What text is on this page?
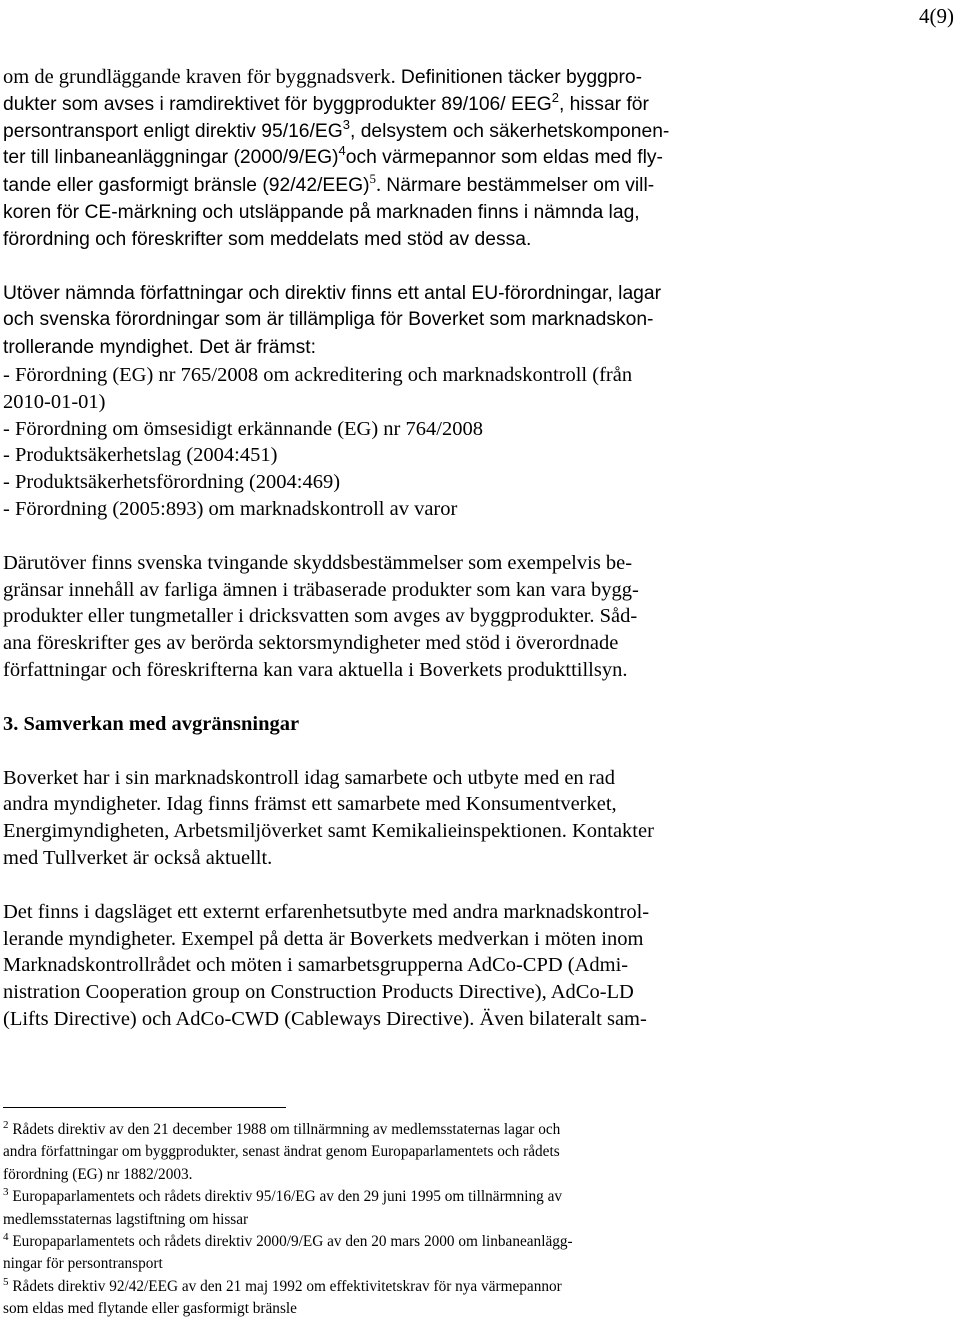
4(9)
om de grundläggande kraven för byggnadsverk. Definitionen täcker byggpro-
dukter som avses i ramdirektivet för byggprodukter 89/106/ EEG$^2$, hissar för
persontransport enligt direktiv $95/16/EG^3$, delsystem och säkerhetskomponen-
ter till linbaneanläggningar $(2000/9/EG)^4och$ värmepannor som eldas med fly-
tande eller gasformigt bränsle $(92/42/EEG)^5$. Närmare bestämmelser om vill-
koren för CE-märkning och utsläppande på marknaden finns i nämnda lag,
förordning och föreskrifter som meddelats med stöd av dessa.
Utöver nämnda författningar och direktiv finns ett antal EU-förordningar, lagar
och svenska förordningar som är tillämpliga för Boverket som marknadskon-
trollerande myndighet. Det är främst:
- Förordning (EG) nr 765/2008 om ackreditering och marknadskontroll (från
2010-01-01)
- Förordning om ömsesidigt erkännande (EG) nr 764/2008
- Produktsäkerhetslag (2004:451)
- Produktsäkerhetsförordning (2004:469)
- Förordning (2005:893) om marknadskontroll av varor
Därutöver finns svenska tvingande skyddsbestämmelser som exempelvis be-
gränsar innehåll av farliga ämnen i träbaserade produkter som kan vara bygg-
produkter eller tungmetaller i dricksvatten som avges av byggprodukter. Såd-
ana föreskrifter ges av berörda sektorsmyndigheter med stöd i överordnade
författningar och föreskrifterna kan vara aktuella i Boverkets produkttillsyn.
3. Samverkan med avgränsningar
Boverket har i sin marknadskontroll idag samarbete och utbyte med en rad
andra myndigheter. Idag finns främst ett samarbete med Konsumentverket,
Energimyndigheten, Arbetsmiljöverket samt Kemikalieinspektionen. Kontakter
med Tullverket är också aktuellt.
Det finns i dagsläget ett externt erfarenhetsutbyte med andra marknadskontrol-
lerande myndigheter. Exempel på detta är Boverkets medverkan i möten inom
Marknadskontrollrådet och möten i samarbetsgrupperna AdCo-CPD (Admi-
nistration Cooperation group on Construction Products Directive), AdCo-LD
(Lifts Directive) och AdCo-CWD (Cableways Directive). Även bilateralt sam-
$^2$ Rådets direktiv av den 21 december 1988 om tillnärmning av medlemsstaternas lagar och
andra författningar om byggprodukter, senast ändrat genom Europaparlamentets och rådets
förordning (EG) nr 1882/2003.
$^3$ Europaparlamentets och rådets direktiv 95/16/EG av den 29 juni 1995 om tillnärmning av
medlemsstaternas lagstiftning om hissar
$^4$ Europaparlamentets och rådets direktiv 2000/9/EG av den 20 mars 2000 om linbaneanlägg-
ningar för persontransport
$^5$ Rådets direktiv 92/42/EEG av den 21 maj 1992 om effektivitetskrav för nya värmepannor
som eldas med flytande eller gasformigt bränsle
